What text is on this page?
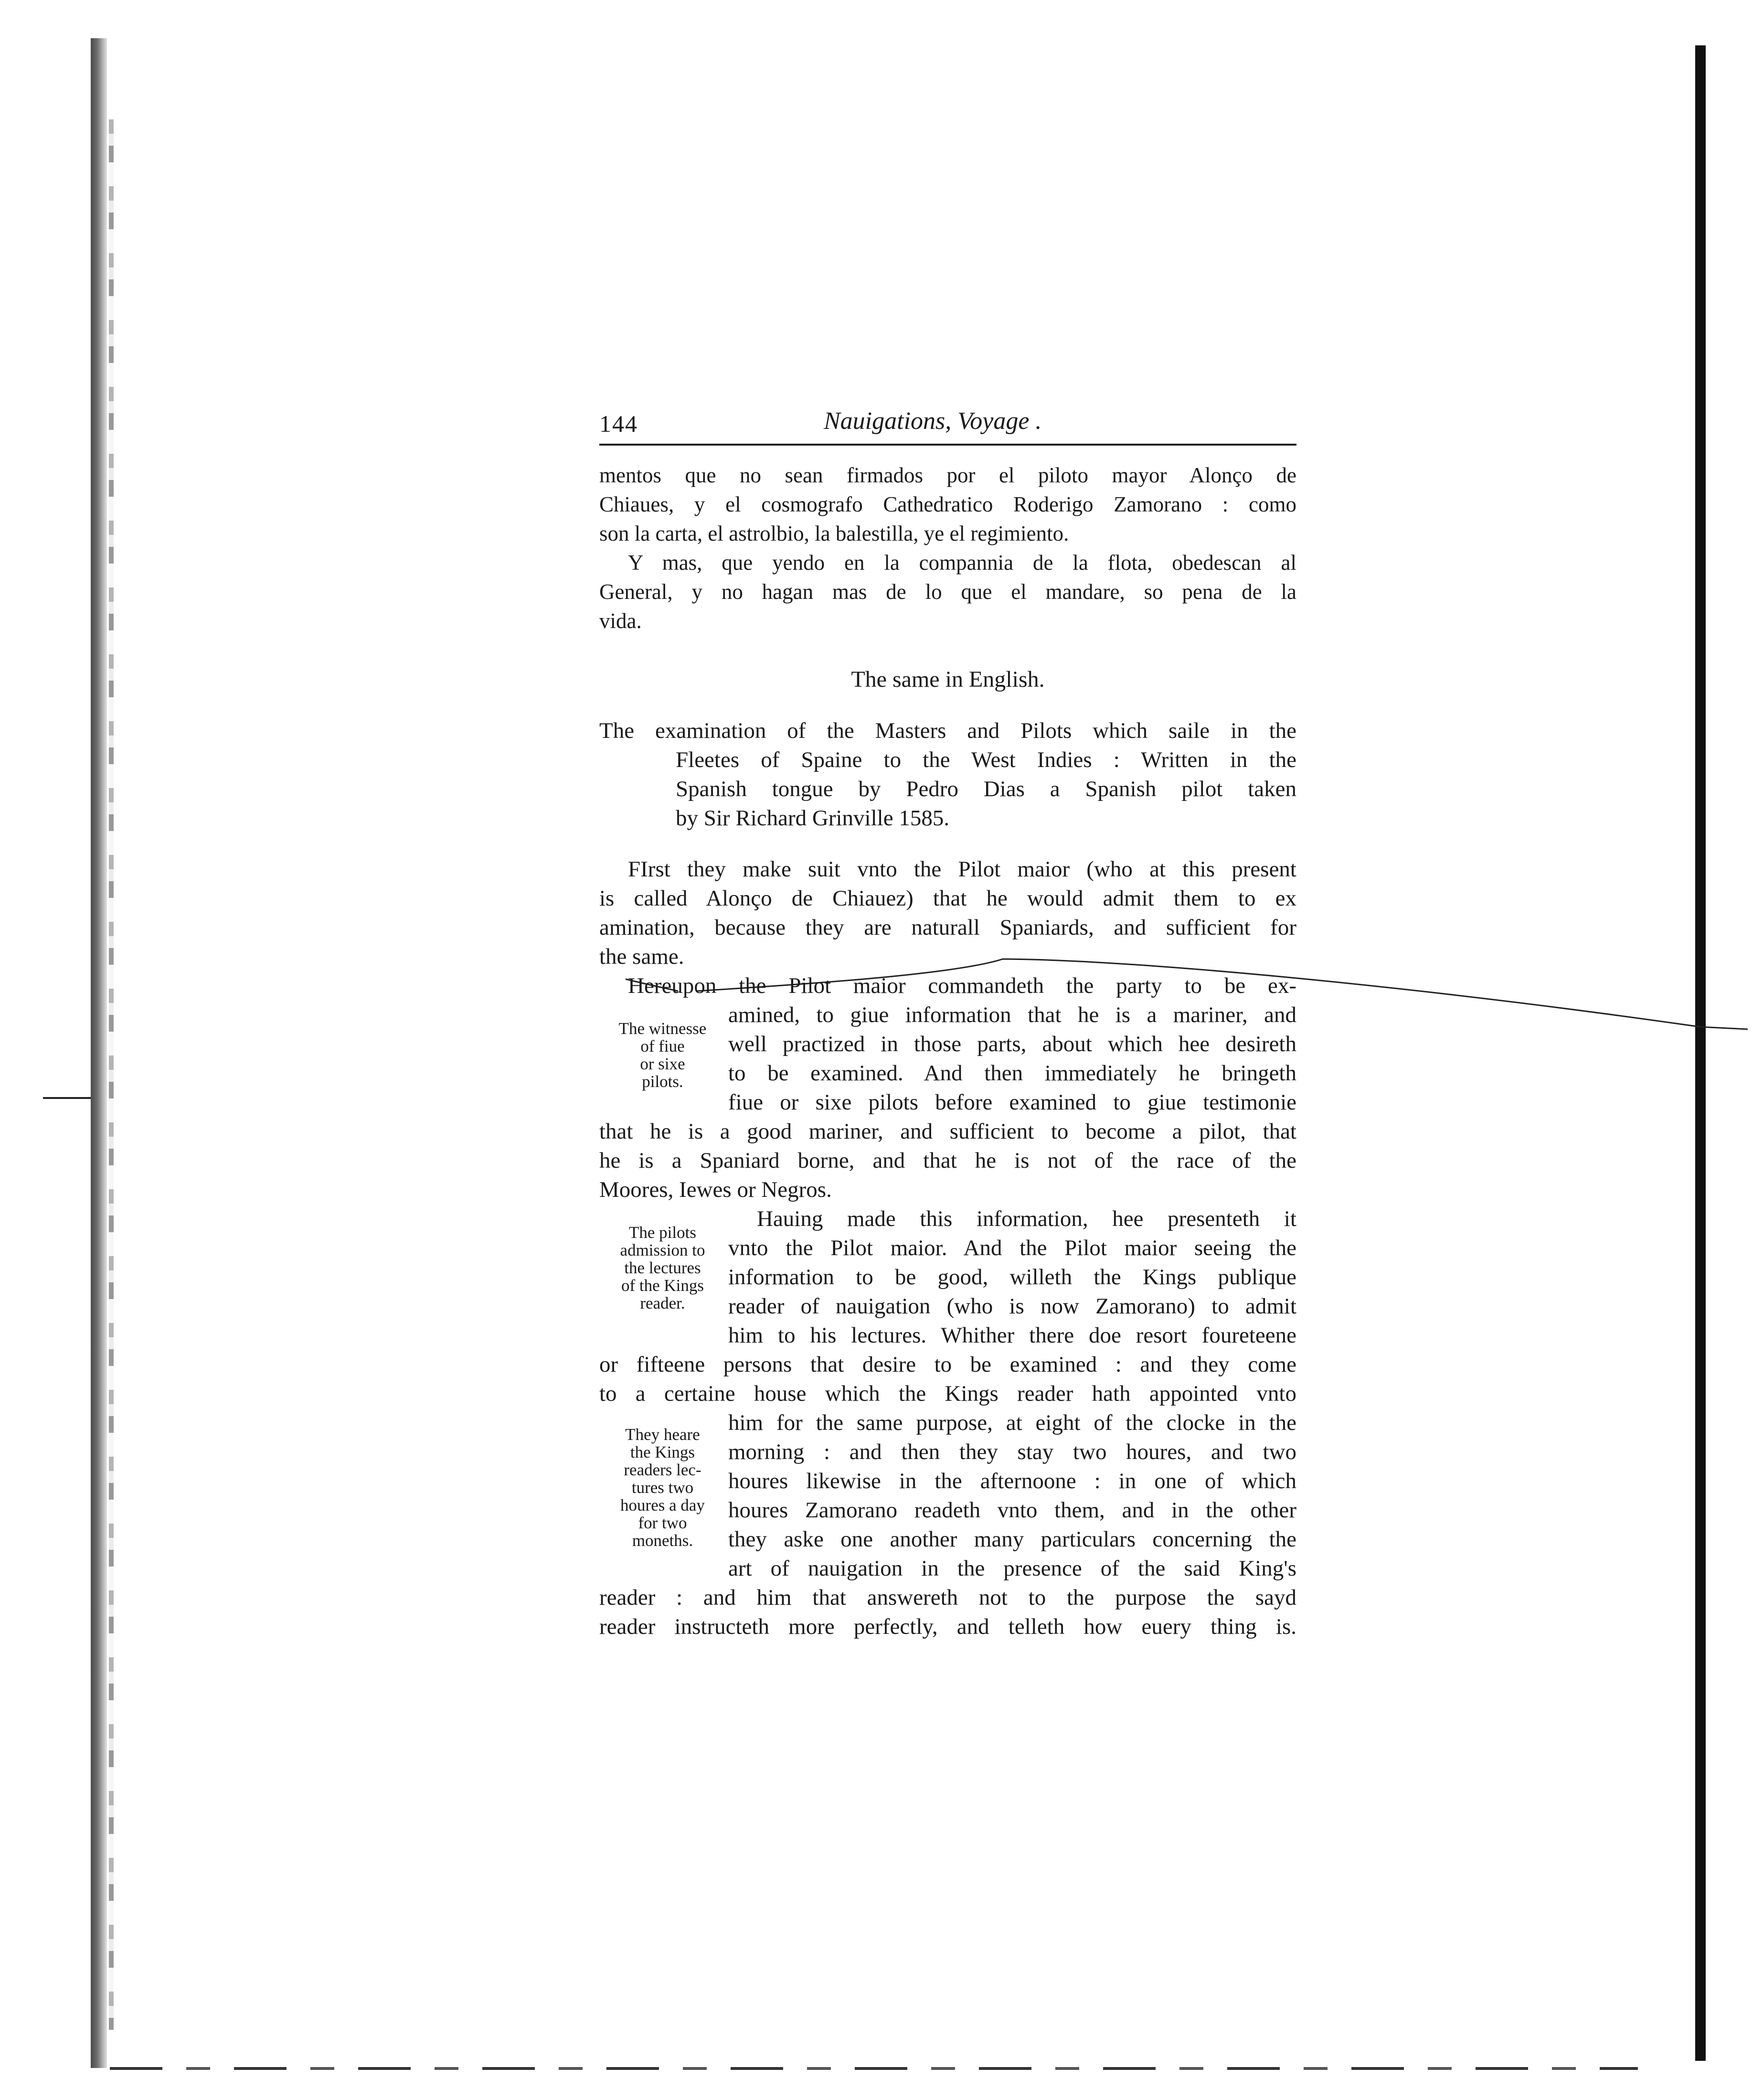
144	Nauigations, Voyage .
mentos que no sean firmados por el piloto mayor Alonço de
Chiaues, y el cosmografo Cathedratico Roderigo Zamorano : como
son la carta, el astrolbio, la balestilla, ye el regimiento.
Y mas, que yendo en la compannia de la flota, obedescan al
General, y no hagan mas de lo que el mandare, so pena de la
vida.
The same in English.
The examination of the Masters and Pilots which saile in the
Fleetes of Spaine to the West Indies : Written in the
Spanish tongue by Pedro Dias a Spanish pilot taken
by Sir Richard Grinville 1585.
FIrst they make suit vnto the Pilot maior (who at this present
is called Alonço de Chiauez) that he would admit them to ex
amination, because they are naturall Spaniards, and sufficient for
the same.
Hereupon the Pilot maior commandeth the party to be ex-
amined, to giue information that he is a mariner, and
well practized in those parts, about which hee desireth
to be examined. And then immediately he bringeth
fiue or sixe pilots before examined to giue testimonie
that he is a good mariner, and sufficient to become a pilot, that
he is a Spaniard borne, and that he is not of the race of the
Moores, Iewes or Negros.
Hauing made this information, hee presenteth it
vnto the Pilot maior. And the Pilot maior seeing the
information to be good, willeth the Kings publique
reader of nauigation (who is now Zamorano) to admit
him to his lectures. Whither there doe resort foureteene
or fifteene persons that desire to be examined : and they come
to a certaine house which the Kings reader hath appointed vnto
him for the same purpose, at eight of the clocke in the
morning : and then they stay two houres, and two
houres likewise in the afternoone : in one of which
houres Zamorano readeth vnto them, and in the other
they aske one another many particulars concerning the
art of nauigation in the presence of the said King's
reader : and him that answereth not to the purpose the sayd
reader instructeth more perfectly, and telleth how euery thing is.
The witnesse
of fiue
or sixe
pilots.
The pilots
admission to
the lectures
of the Kings
reader.
They heare
the Kings
readers lec-
tures two
houres a day
for two
moneths.
